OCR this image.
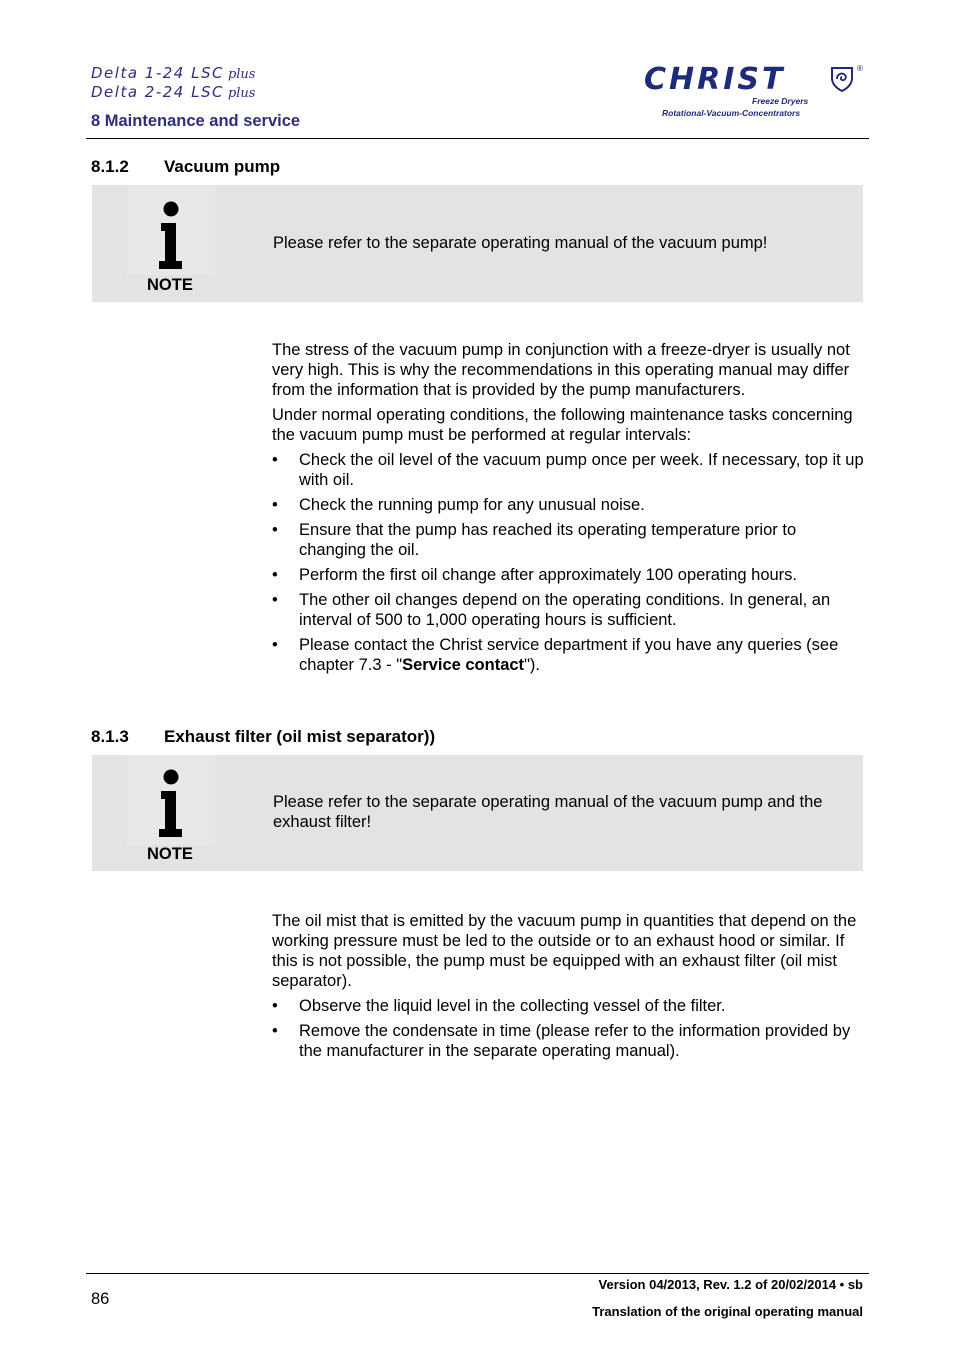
Delta 1-24 LSC plus
Delta 2-24 LSC plus
8 Maintenance and service
CHRIST	®
Freeze Dryers
Rotational-Vacuum-Concentrators
8.1.2 Vacuum pump
NOTE
Please refer to the separate operating manual of the vacuum pump!

The stress of the vacuum pump in conjunction with a freeze-dryer is usually not very high. This is why the recommendations in this operating manual may differ from the information that is provided by the pump manufacturers.

Under normal operating conditions, the following maintenance tasks concerning the vacuum pump must be performed at regular intervals:

• Check the oil level of the vacuum pump once per week. If necessary, top it up with oil.
• Check the running pump for any unusual noise.
• Ensure that the pump has reached its operating temperature prior to changing the oil.
• Perform the first oil change after approximately 100 operating hours.
• The other oil changes depend on the operating conditions. In general, an interval of 500 to 1,000 operating hours is sufficient.
• Please contact the Christ service department if you have any queries (see chapter 7.3 - "Service contact").
8.1.3 Exhaust filter (oil mist separator))
NOTE
Please refer to the separate operating manual of the vacuum pump and the exhaust filter!

The oil mist that is emitted by the vacuum pump in quantities that depend on the working pressure must be led to the outside or to an exhaust hood or similar. If this is not possible, the pump must be equipped with an exhaust filter (oil mist separator).

• Observe the liquid level in the collecting vessel of the filter.
• Remove the condensate in time (please refer to the information provided by the manufacturer in the separate operating manual).
86
Version 04/2013, Rev. 1.2 of 20/02/2014 • sb
Translation of the original operating manual
